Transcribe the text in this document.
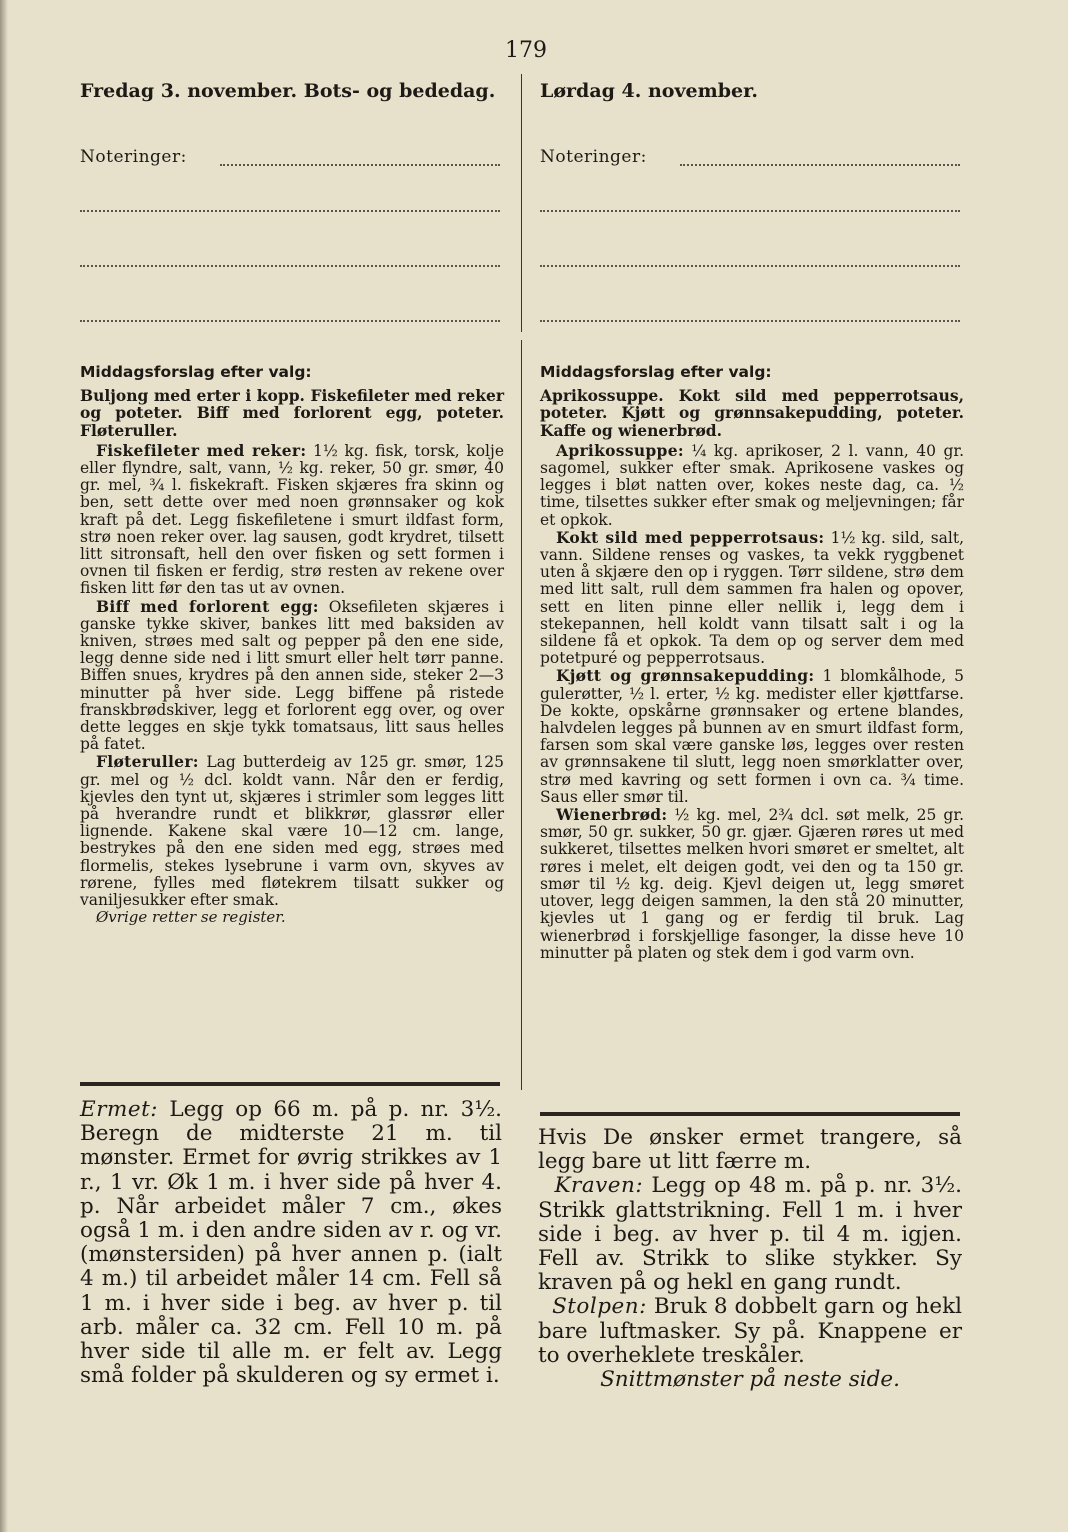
179
Fredag 3. november. Bots- og bededag.
Noteringer:

Middagsforslag efter valg:

Buljong med erter i kopp. Fiskefileter med reker og poteter. Biff med forlorent egg, poteter. Fløteruller.

Fiskefileter med reker: 1½ kg. fisk, torsk, kolje eller flyndre, salt, vann, ½ kg. reker, 50 gr. smør, 40 gr. mel, ¾ l. fiskekraft. Fisken skjæres fra skinn og ben, sett dette over med noen grønnsaker og kok kraft på det. Legg fiskefiletene i smurt ildfast form, strø noen reker over. lag sausen, godt krydret, tilsett litt sitronsaft, hell den over fisken og sett formen i ovnen til fisken er ferdig, strø resten av rekene over fisken litt før den tas ut av ovnen.

Biff med forlorent egg: Oksefileten skjæres i ganske tykke skiver, bankes litt med baksiden av kniven, strøes med salt og pepper på den ene side, legg denne side ned i litt smurt eller helt tørr panne. Biffen snues, krydres på den annen side, steker 2—3 minutter på hver side. Legg biffene på ristede franskbrødskiver, legg et forlorent egg over, og over dette legges en skje tykk tomatsaus, litt saus helles på fatet.

Fløteruller: Lag butterdeig av 125 gr. smør, 125 gr. mel og ½ dcl. koldt vann. Når den er ferdig, kjevles den tynt ut, skjæres i strimler som legges litt på hverandre rundt et blikkrør, glassrør eller lignende. Kakene skal være 10—12 cm. lange, bestrykes på den ene siden med egg, strøes med flormelis, stekes lysebrune i varm ovn, skyves av rørene, fylles med fløtekrem tilsatt sukker og vaniljesukker efter smak.

Øvrige retter se register.

Ermet: Legg op 66 m. på p. nr. 3½. Beregn de midterste 21 m. til mønster. Ermet for øvrig strikkes av 1 r., 1 vr. Øk 1 m. i hver side på hver 4. p. Når arbeidet måler 7 cm., økes også 1 m. i den andre siden av r. og vr. (mønstersiden) på hver annen p. (ialt 4 m.) til arbeidet måler 14 cm. Fell så 1 m. i hver side i beg. av hver p. til arb. måler ca. 32 cm. Fell 10 m. på hver side til alle m. er felt av. Legg små folder på skulderen og sy ermet i.

Lørdag 4. november.
Noteringer:

Middagsforslag efter valg:

Aprikossuppe. Kokt sild med pepperrotsaus, poteter. Kjøtt og grønnsakepudding, poteter. Kaffe og wienerbrød.

Aprikossuppe: ¼ kg. aprikoser, 2 l. vann, 40 gr. sagomel, sukker efter smak. Aprikosene vaskes og legges i bløt natten over, kokes neste dag, ca. ½ time, tilsettes sukker efter smak og meljevningen; får et opkok.

Kokt sild med pepperrotsaus: 1½ kg. sild, salt, vann. Sildene renses og vaskes, ta vekk ryggbenet uten å skjære den op i ryggen. Tørr sildene, strø dem med litt salt, rull dem sammen fra halen og opover, sett en liten pinne eller nellik i, legg dem i stekepannen, hell koldt vann tilsatt salt i og la sildene få et opkok. Ta dem op og server dem med potetpuré og pepperrotsaus.

Kjøtt og grønnsakepudding: 1 blomkålhode, 5 gulerøtter, ½ l. erter, ½ kg. medister eller kjøttfarse. De kokte, opskårne grønnsaker og ertene blandes, halvdelen legges på bunnen av en smurt ildfast form, farsen som skal være ganske løs, legges over resten av grønnsakene til slutt, legg noen smørklatter over, strø med kavring og sett formen i ovn ca. ¾ time. Saus eller smør til.

Wienerbrød: ½ kg. mel, 2¾ dcl. søt melk, 25 gr. smør, 50 gr. sukker, 50 gr. gjær. Gjæren røres ut med sukkeret, tilsettes melken hvori smøret er smeltet, alt røres i melet, elt deigen godt, vei den og ta 150 gr. smør til ½ kg. deig. Kjevl deigen ut, legg smøret utover, legg deigen sammen, la den stå 20 minutter, kjevles ut 1 gang og er ferdig til bruk. Lag wienerbrød i forskjellige fasonger, la disse heve 10 minutter på platen og stek dem i god varm ovn.

Hvis De ønsker ermet trangere, så legg bare ut litt færre m.

Kraven: Legg op 48 m. på p. nr. 3½. Strikk glattstrikning. Fell 1 m. i hver side i beg. av hver p. til 4 m. igjen. Fell av. Strikk to slike stykker. Sy kraven på og hekl en gang rundt.

Stolpen: Bruk 8 dobbelt garn og hekl bare luftmasker. Sy på. Knappene er to overheklete treskåler.

Snittmønster på neste side.
